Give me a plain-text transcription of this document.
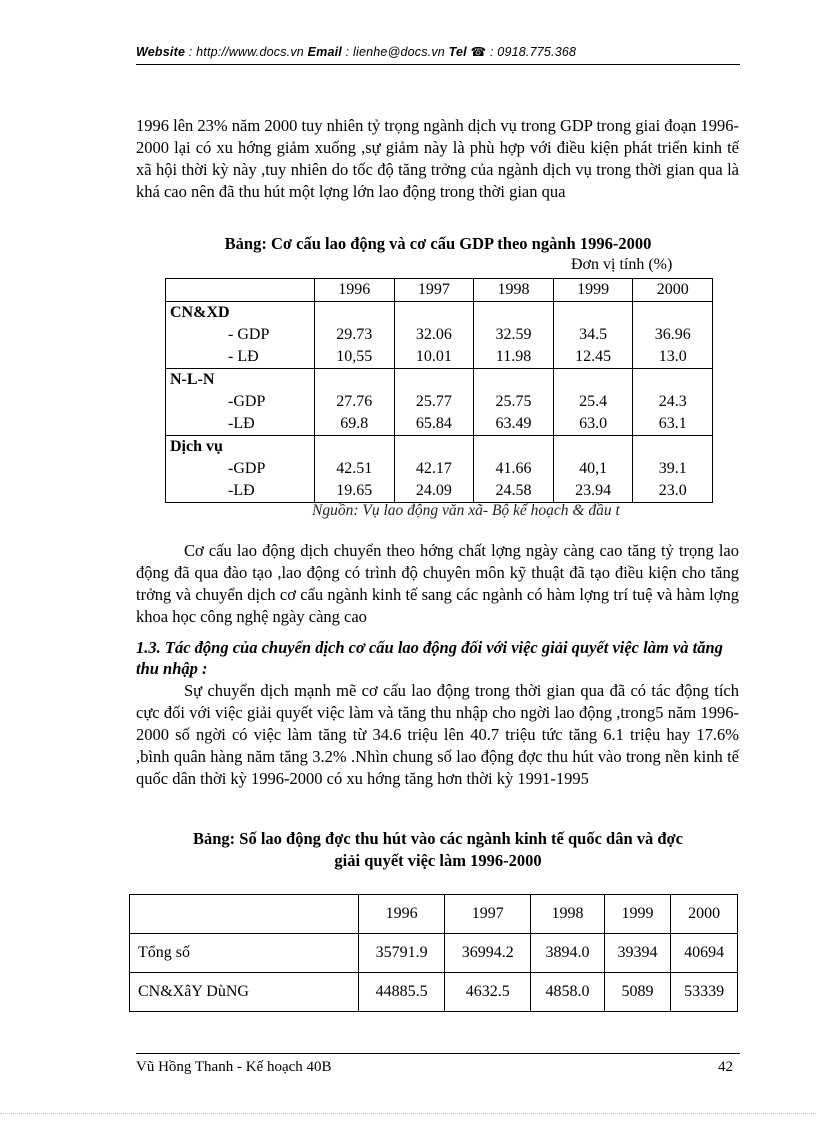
Website : http://www.docs.vn Email : lienhe@docs.vn Tel ☎ : 0918.775.368

1996 lên 23% năm 2000 tuy nhiên tỷ trọng ngành dịch vụ trong GDP trong giai đoạn 1996-2000 lại có xu hớng giảm xuống ,sự giảm này là phù hợp với điều kiện phát triển kinh tế xã hội thời kỳ này ,tuy nhiên do tốc độ tăng trởng của ngành dịch vụ trong thời gian qua là khá cao nên đã thu hút một lợng lớn lao động trong thời gian qua

Bảng: Cơ cấu lao động và cơ cấu GDP theo ngành 1996-2000

Đơn vị tính (%)
	1996	1997	1998	1999	2000
CN&XD					
- GDP	29.73	32.06	32.59	34.5	36.96
- LĐ	10,55	10.01	11.98	12.45	13.0
N-L-N					
-GDP	27.76	25.77	25.75	25.4	24.3
-LĐ	69.8	65.84	63.49	63.0	63.1
Dịch vụ					
-GDP	42.51	42.17	41.66	40,1	39.1
-LĐ	19.65	24.09	24.58	23.94	23.0
Nguồn: Vụ lao động văn xã- Bộ kế hoạch & đầu t

Cơ cấu lao động dịch chuyển theo hớng chất lợng ngày càng cao tăng tỷ trọng lao động đã qua đào tạo ,lao động có trình độ chuyên môn kỹ thuật đã tạo điều kiện cho tăng trởng và chuyển dịch cơ cấu ngành kinh tế sang các ngành có hàm lợng trí tuệ và hàm lợng khoa học công nghệ ngày càng cao

1.3. Tác động của chuyển dịch cơ cấu lao động đối với việc giải quyết việc làm và tăng thu nhập :

Sự chuyển dịch mạnh mẽ cơ cấu lao động trong thời gian qua đã có tác động tích cực đối với việc giải quyết việc làm và tăng thu nhập cho ngời lao động ,trong5 năm 1996-2000 số ngời có việc làm tăng từ 34.6 triệu lên 40.7 triệu tức tăng 6.1 triệu hay 17.6% ,bình quân hàng năm tăng 3.2% .Nhìn chung số lao động đợc thu hút vào trong nền kinh tế quốc dân thời kỳ 1996-2000 có xu hớng tăng hơn thời kỳ 1991-1995

Bảng: Số lao động đợc thu hút vào các ngành kinh tế quốc dân và đợc

giải quyết việc làm 1996-2000

	1996	1997	1998	1999	2000
Tổng số	35791.9	36994.2	3894.0	39394	40694
CN&XâY DùNG	44885.5	4632.5	4858.0	5089	53339
Vũ Hồng Thanh - Kế hoạch 40B	42
